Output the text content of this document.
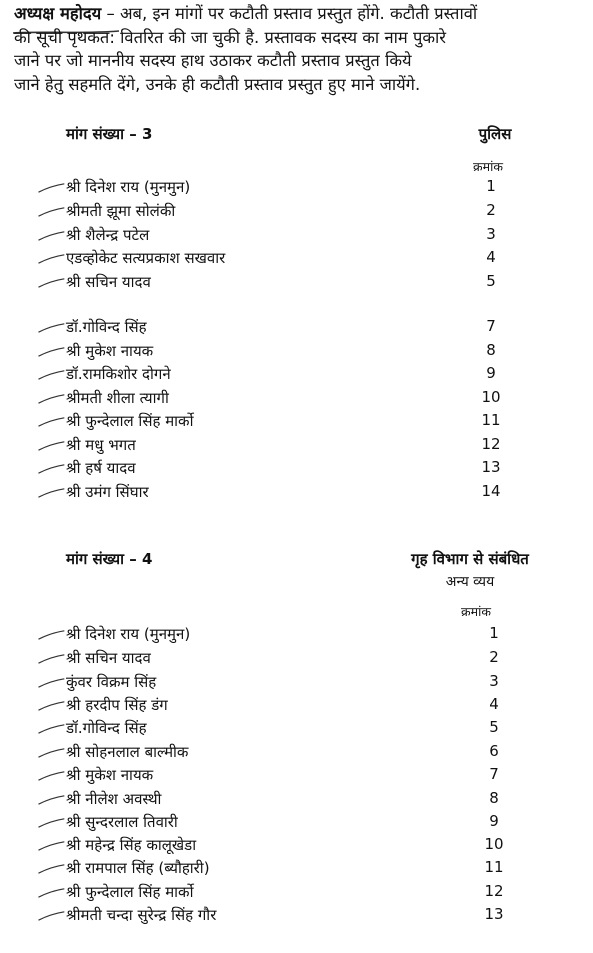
अध्यक्ष महोदय – अब, इन मांगों पर कटौती प्रस्ताव प्रस्तुत होंगे. कटौती प्रस्तावों
की सूची पृथकत: वितरित की जा चुकी है. प्रस्तावक सदस्य का नाम पुकारे
जाने पर जो माननीय सदस्य हाथ उठाकर कटौती प्रस्ताव प्रस्तुत किये
जाने हेतु सहमति देंगे, उनके ही कटौती प्रस्ताव प्रस्तुत हुए माने जायेंगे.
मांग संख्या – 3	पुलिस
क्रमांक
श्री दिनेश राय (मुनमुन)	1
श्रीमती झूमा सोलंकी	2
श्री शैलेन्द्र पटेल	3
एडव्होकेट सत्यप्रकाश सखवार	4
श्री सचिन यादव	5
डॉ.गोविन्द सिंह	7
श्री मुकेश नायक	8
डॉ.रामकिशोर दोगने	9
श्रीमती शीला त्यागी	10
श्री फुन्देलाल सिंह मार्को	11
श्री मधु भगत	12
श्री हर्ष यादव	13
श्री उमंग सिंघार	14
मांग संख्या – 4	गृह विभाग से संबंधित
अन्य व्यय
क्रमांक
श्री दिनेश राय (मुनमुन)	1
श्री सचिन यादव	2
कुंवर विक्रम सिंह	3
श्री हरदीप सिंह डंग	4
डॉ.गोविन्द सिंह	5
श्री सोहनलाल बाल्मीक	6
श्री मुकेश नायक	7
श्री नीलेश अवस्थी	8
श्री सुन्दरलाल तिवारी	9
श्री महेन्द्र सिंह कालूखेडा	10
श्री रामपाल सिंह (ब्यौहारी)	11
श्री फुन्देलाल सिंह मार्को	12
श्रीमती चन्दा सुरेन्द्र सिंह गौर	13
